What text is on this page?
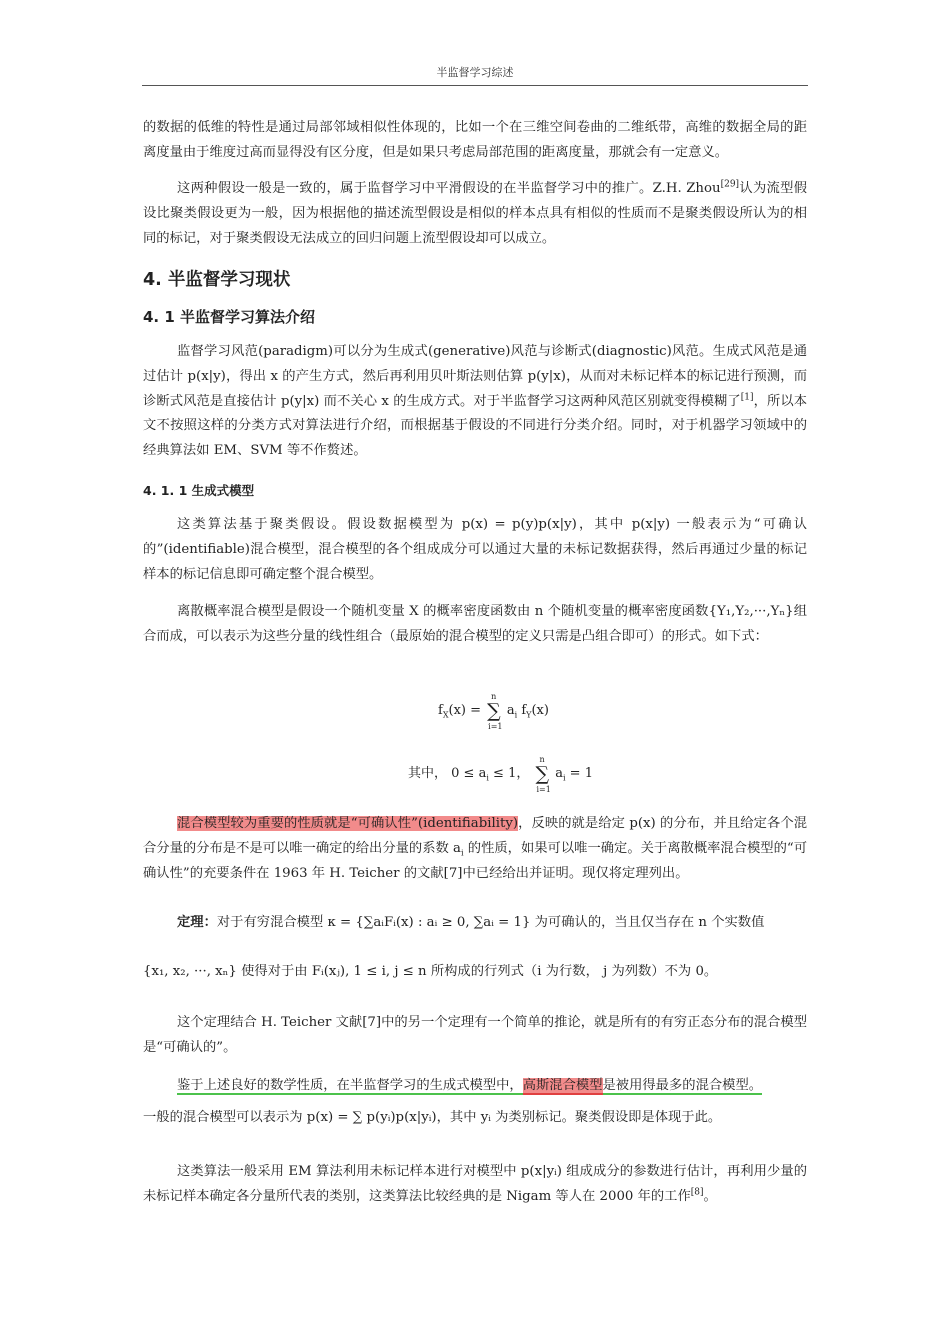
半监督学习综述
的数据的低维的特性是通过局部邻域相似性体现的，比如一个在三维空间卷曲的二维纸带，高维的数据全局的距离度量由于维度过高而显得没有区分度，但是如果只考虑局部范围的距离度量，那就会有一定意义。
这两种假设一般是一致的，属于监督学习中平滑假设的在半监督学习中的推广。Z.H. Zhou[29]认为流型假设比聚类假设更为一般，因为根据他的描述流型假设是相似的样本点具有相似的性质而不是聚类假设所认为的相同的标记，对于聚类假设无法成立的回归问题上流型假设却可以成立。
4. 半监督学习现状
4. 1 半监督学习算法介绍
监督学习风范(paradigm)可以分为生成式(generative)风范与诊断式(diagnostic)风范。生成式风范是通过估计 p(x|y)，得出 x 的产生方式，然后再利用贝叶斯法则估算 p(y|x)，从而对未标记样本的标记进行预测，而诊断式风范是直接估计 p(y|x) 而不关心 x 的生成方式。对于半监督学习这两种风范区别就变得模糊了[1]，所以本文不按照这样的分类方式对算法进行介绍，而根据基于假设的不同进行分类介绍。同时，对于机器学习领域中的经典算法如 EM、SVM 等不作赘述。
4. 1. 1 生成式模型
这类算法基于聚类假设。假设数据模型为 p(x) = p(y)p(x|y)，其中 p(x|y) 一般表示为“可确认的”(identifiable)混合模型，混合模型的各个组成成分可以通过大量的未标记数据获得，然后再通过少量的标记样本的标记信息即可确定整个混合模型。
离散概率混合模型是假设一个随机变量 X 的概率密度函数由 n 个随机变量的概率密度函数{Y₁,Y₂,···,Yₙ}组合而成，可以表示为这些分量的线性组合（最原始的混合模型的定义只需是凸组合即可）的形式。如下式：
$f_X(x)$ = ∑
n
i=1
$a_i$ $f_Y(x)$
其中， $0 \le a_i \le 1$， ∑
n
i=1
$a_i = 1$
混合模型较为重要的性质就是“可确认性”(identifiability)，反映的就是给定 p(x) 的分布，并且给定各个混合分量的分布是不是可以唯一确定的给出分量的系数 $a_i$ 的性质，如果可以唯一确定。关于离散概率混合模型的“可确认性”的充要条件在 1963 年 H. Teicher 的文献[7]中已经给出并证明。现仅将定理列出。
定理：对于有穷混合模型 κ = {∑aᵢFᵢ(x) : aᵢ ≥ 0, ∑aᵢ = 1} 为可确认的，当且仅当存在 n 个实数值
{x₁, x₂, ···, xₙ} 使得对于由 Fᵢ(xⱼ), 1 ≤ i, j ≤ n 所构成的行列式（i 为行数， j 为列数）不为 0。
这个定理结合 H. Teicher 文献[7]中的另一个定理有一个简单的推论，就是所有的有穷正态分布的混合模型是“可确认的”。
鉴于上述良好的数学性质，在半监督学习的生成式模型中，高斯混合模型是被用得最多的混合模型。
一般的混合模型可以表示为 p(x) = ∑ p(yᵢ)p(x|yᵢ)，其中 yᵢ 为类别标记。聚类假设即是体现于此。
这类算法一般采用 EM 算法利用未标记样本进行对模型中 p(x|yᵢ) 组成成分的参数进行估计，再利用少量的未标记样本确定各分量所代表的类别，这类算法比较经典的是 Nigam 等人在 2000 年的工作[8]。
